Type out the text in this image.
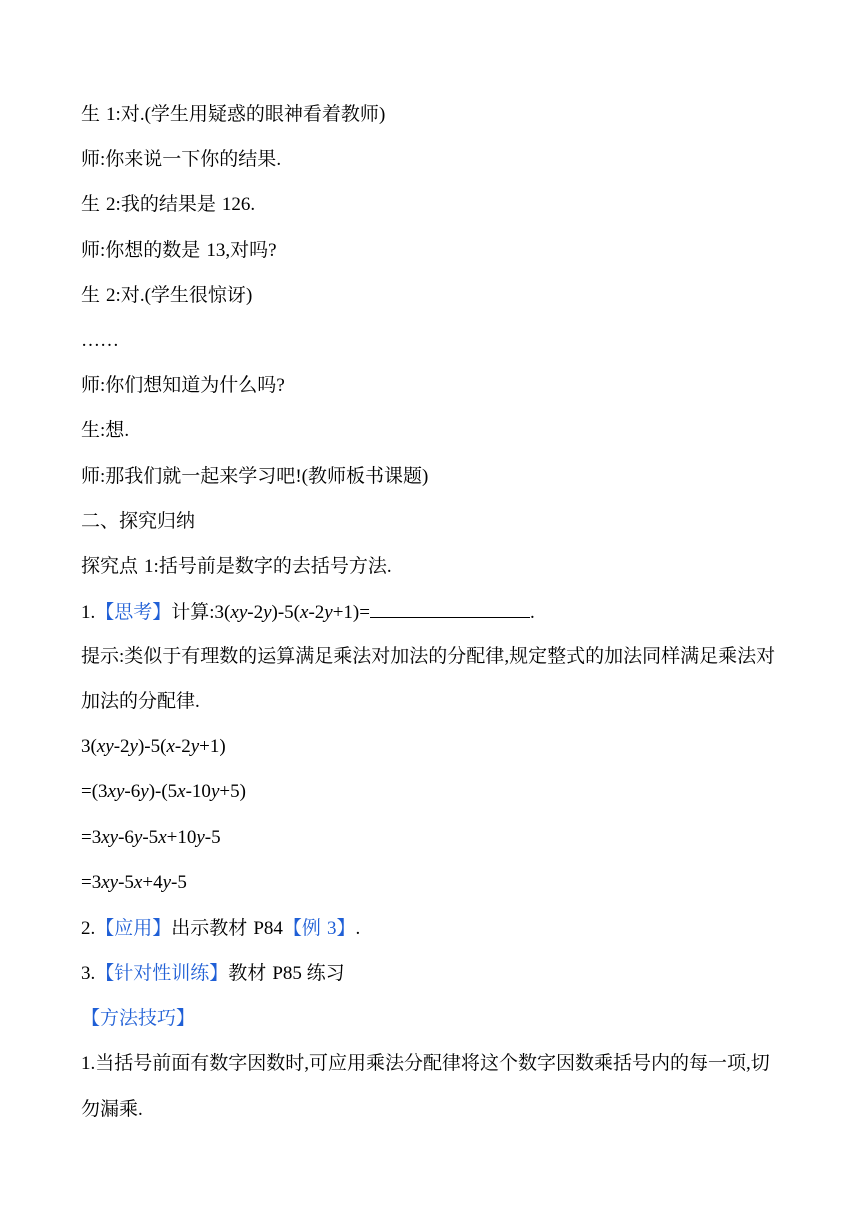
生 1:对.(学生用疑惑的眼神看着教师)
师:你来说一下你的结果.
生 2:我的结果是 126.
师:你想的数是 13,对吗?
生 2:对.(学生很惊讶)
……
师:你们想知道为什么吗?
生:想.
师:那我们就一起来学习吧!(教师板书课题)
二、探究归纳
探究点 1:括号前是数字的去括号方法.
1.【思考】计算:3(xy-2y)-5(x-2y+1)=	.
提示:类似于有理数的运算满足乘法对加法的分配律,规定整式的加法同样满足乘法对加法的分配律.
3(xy-2y)-5(x-2y+1)
=(3xy-6y)-(5x-10y+5)
=3xy-6y-5x+10y-5
=3xy-5x+4y-5
2.【应用】出示教材 P84【例 3】.
3.【针对性训练】教材 P85 练习
【方法技巧】
1.当括号前面有数字因数时,可应用乘法分配律将这个数字因数乘括号内的每一项,切勿漏乘.
